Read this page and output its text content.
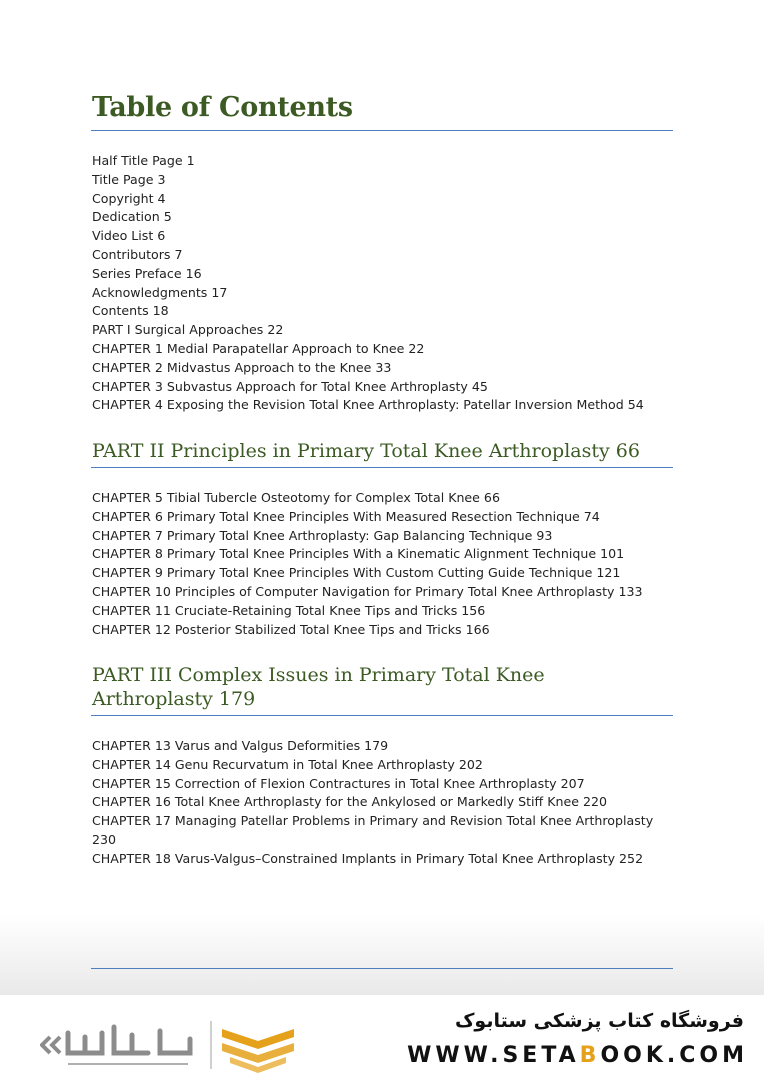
Table of Contents
Half Title Page 1
Title Page 3
Copyright 4
Dedication 5
Video List 6
Contributors 7
Series Preface 16
Acknowledgments 17
Contents 18
PART I Surgical Approaches 22
CHAPTER 1 Medial Parapatellar Approach to Knee 22
CHAPTER 2 Midvastus Approach to the Knee 33
CHAPTER 3 Subvastus Approach for Total Knee Arthroplasty 45
CHAPTER 4 Exposing the Revision Total Knee Arthroplasty: Patellar Inversion Method 54
PART II Principles in Primary Total Knee Arthroplasty 66
CHAPTER 5 Tibial Tubercle Osteotomy for Complex Total Knee 66
CHAPTER 6 Primary Total Knee Principles With Measured Resection Technique 74
CHAPTER 7 Primary Total Knee Arthroplasty: Gap Balancing Technique 93
CHAPTER 8 Primary Total Knee Principles With a Kinematic Alignment Technique 101
CHAPTER 9 Primary Total Knee Principles With Custom Cutting Guide Technique 121
CHAPTER 10 Principles of Computer Navigation for Primary Total Knee Arthroplasty 133
CHAPTER 11 Cruciate-Retaining Total Knee Tips and Tricks 156
CHAPTER 12 Posterior Stabilized Total Knee Tips and Tricks 166
PART III Complex Issues in Primary Total Knee Arthroplasty 179
CHAPTER 13 Varus and Valgus Deformities 179
CHAPTER 14 Genu Recurvatum in Total Knee Arthroplasty 202
CHAPTER 15 Correction of Flexion Contractures in Total Knee Arthroplasty 207
CHAPTER 16 Total Knee Arthroplasty for the Ankylosed or Markedly Stiff Knee 220
CHAPTER 17 Managing Patellar Problems in Primary and Revision Total Knee Arthroplasty 230
CHAPTER 18 Varus-Valgus–Constrained Implants in Primary Total Knee Arthroplasty 252
فروشگاه کتاب پزشکی ستابوک
WWW.SETABOOK.COM
